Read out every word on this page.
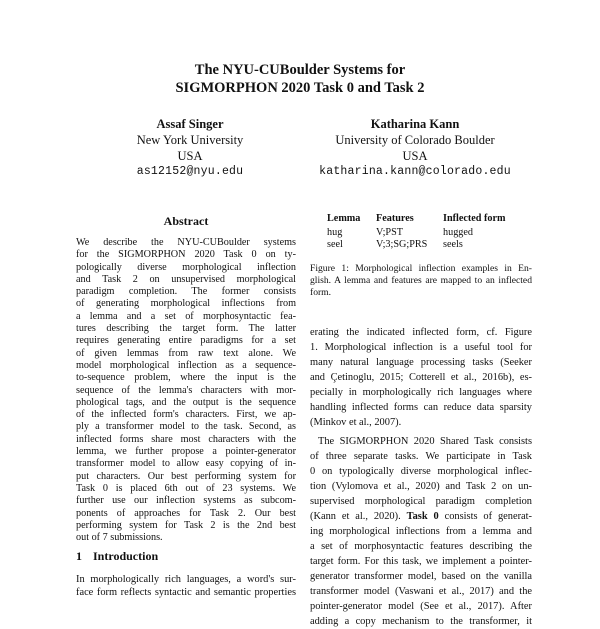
The NYU-CUBoulder Systems for
SIGMORPHON 2020 Task 0 and Task 2
Assaf Singer
New York University
USA
as12152@nyu.edu
Katharina Kann
University of Colorado Boulder
USA
katharina.kann@colorado.edu
Abstract
We describe the NYU-CUBoulder systems
for the SIGMORPHON 2020 Task 0 on ty-
pologically diverse morphological inflection
and Task 2 on unsupervised morphological
paradigm completion. The former consists
of generating morphological inflections from
a lemma and a set of morphosyntactic fea-
tures describing the target form. The latter
requires generating entire paradigms for a set
of given lemmas from raw text alone. We
model morphological inflection as a sequence-
to-sequence problem, where the input is the
sequence of the lemma's characters with mor-
phological tags, and the output is the sequence
of the inflected form's characters. First, we ap-
ply a transformer model to the task. Second, as
inflected forms share most characters with the
lemma, we further propose a pointer-generator
transformer model to allow easy copying of in-
put characters. Our best performing system for
Task 0 is placed 6th out of 23 systems. We
further use our inflection systems as subcom-
ponents of approaches for Task 2. Our best
performing system for Task 2 is the 2nd best
out of 7 submissions.
1 Introduction
In morphologically rich languages, a word's sur-
face form reflects syntactic and semantic properties
Lemma	Features	Inflected form
hug	V;PST	hugged
seel	V;3;SG;PRS	seels
Figure 1: Morphological inflection examples in En-
glish. A lemma and features are mapped to an inflected
form.
erating the indicated inflected form, cf. Figure
1. Morphological inflection is a useful tool for
many natural language processing tasks (Seeker
and Çetinoglu, 2015; Cotterell et al., 2016b), es-
pecially in morphologically rich languages where
handling inflected forms can reduce data sparsity
(Minkov et al., 2007).
The SIGMORPHON 2020 Shared Task consists
of three separate tasks. We participate in Task
0 on typologically diverse morphological inflec-
tion (Vylomova et al., 2020) and Task 2 on un-
supervised morphological paradigm completion
(Kann et al., 2020). Task 0 consists of generat-
ing morphological inflections from a lemma and
a set of morphosyntactic features describing the
target form. For this task, we implement a pointer-
generator transformer model, based on the vanilla
transformer model (Vaswani et al., 2017) and the
pointer-generator model (See et al., 2017). After
adding a copy mechanism to the transformer, it
